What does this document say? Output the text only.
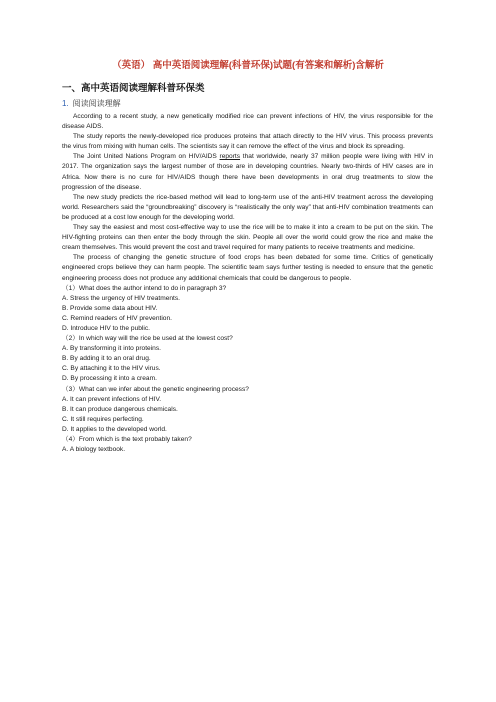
（英语） 高中英语阅读理解(科普环保)试题(有答案和解析)含解析
一、高中英语阅读理解科普环保类
1. 阅读阅读理解

According to a recent study, a new genetically modified rice can prevent infections of HIV, the virus responsible for the disease AIDS.

The study reports the newly-developed rice produces proteins that attach directly to the HIV virus. This process prevents the virus from mixing with human cells. The scientists say it can remove the effect of the virus and block its spreading.

The Joint United Nations Program on HIV/AIDS reports that worldwide, nearly 37 million people were living with HIV in 2017. The organization says the largest number of those are in developing countries. Nearly two-thirds of HIV cases are in Africa. Now there is no cure for HIV/AIDS though there have been developments in oral drug treatments to slow the progression of the disease.

The new study predicts the rice-based method will lead to long-term use of the anti-HIV treatment across the developing world. Researchers said the “groundbreaking” discovery is “realistically the only way” that anti-HIV combination treatments can be produced at a cost low enough for the developing world.

They say the easiest and most cost-effective way to use the rice will be to make it into a cream to be put on the skin. The HIV-fighting proteins can then enter the body through the skin. People all over the world could grow the rice and make the cream themselves. This would prevent the cost and travel required for many patients to receive treatments and medicine.

The process of changing the genetic structure of food crops has been debated for some time. Critics of genetically engineered crops believe they can harm people. The scientific team says further testing is needed to ensure that the genetic engineering process does not produce any additional chemicals that could be dangerous to people.

（1）What does the author intend to do in paragraph 3?

A. Stress the urgency of HIV treatments.

B. Provide some data about HIV.

C. Remind readers of HIV prevention.

D. Introduce HIV to the public.

（2）In which way will the rice be used at the lowest cost?

A. By transforming it into proteins.

B. By adding it to an oral drug.

C. By attaching it to the HIV virus.

D. By processing it into a cream.

（3）What can we infer about the genetic engineering process?

A. It can prevent infections of HIV.

B. It can produce dangerous chemicals.

C. It still requires perfecting.

D. It applies to the developed world.

（4）From which is the text probably taken?

A. A biology textbook.
